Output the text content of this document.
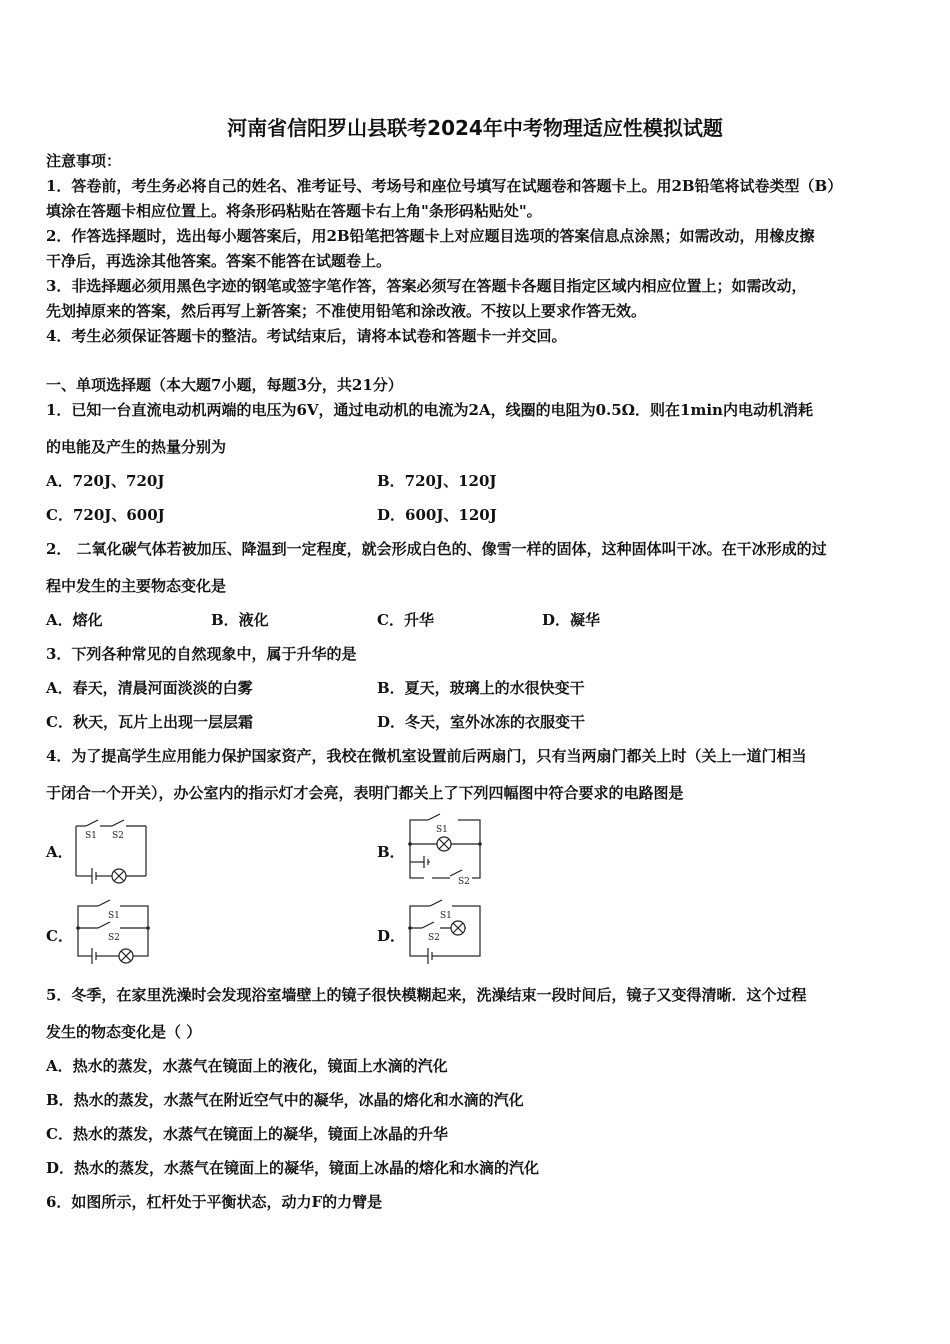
河南省信阳罗山县联考2024年中考物理适应性模拟试题
注意事项：
1．答卷前，考生务必将自己的姓名、准考证号、考场号和座位号填写在试题卷和答题卡上。用2B铅笔将试卷类型（B）
填涂在答题卡相应位置上。将条形码粘贴在答题卡右上角"条形码粘贴处"。
2．作答选择题时，选出每小题答案后，用2B铅笔把答题卡上对应题目选项的答案信息点涂黑；如需改动，用橡皮擦
干净后，再选涂其他答案。答案不能答在试题卷上。
3．非选择题必须用黑色字迹的钢笔或签字笔作答，答案必须写在答题卡各题目指定区域内相应位置上；如需改动，
先划掉原来的答案，然后再写上新答案；不准使用铅笔和涂改液。不按以上要求作答无效。
4．考生必须保证答题卡的整洁。考试结束后，请将本试卷和答题卡一并交回。
一、单项选择题（本大题7小题，每题3分，共21分）
1．已知一台直流电动机两端的电压为6V，通过电动机的电流为2A，线圈的电阻为0.5Ω．则在1min内电动机消耗
的电能及产生的热量分别为
A．720J、720J	B．720J、120J
C．720J、600J	D．600J、120J
2． 二氧化碳气体若被加压、降温到一定程度，就会形成白色的、像雪一样的固体，这种固体叫干冰。在干冰形成的过
程中发生的主要物态变化是
A．熔化	B．液化	C．升华	D．凝华
3．下列各种常见的自然现象中，属于升华的是
A．春天，清晨河面淡淡的白雾	B．夏天，玻璃上的水很快变干
C．秋天，瓦片上出现一层层霜	D．冬天，室外冰冻的衣服变干
4．为了提高学生应用能力保护国家资产，我校在微机室设置前后两扇门，只有当两扇门都关上时（关上一道门相当
于闭合一个开关），办公室内的指示灯才会亮，表明门都关上了下列四幅图中符合要求的电路图是
A．	B．
C．	D．
S1 S2
S1
S2
S1
S2
S1
S2
5．冬季，在家里洗澡时会发现浴室墙壁上的镜子很快模糊起来，洗澡结束一段时间后，镜子又变得清晰．这个过程
发生的物态变化是（ ）
A．热水的蒸发，水蒸气在镜面上的液化，镜面上水滴的汽化
B．热水的蒸发，水蒸气在附近空气中的凝华，冰晶的熔化和水滴的汽化
C．热水的蒸发，水蒸气在镜面上的凝华，镜面上冰晶的升华
D．热水的蒸发，水蒸气在镜面上的凝华，镜面上冰晶的熔化和水滴的汽化
6．如图所示，杠杆处于平衡状态，动力F的力臂是
